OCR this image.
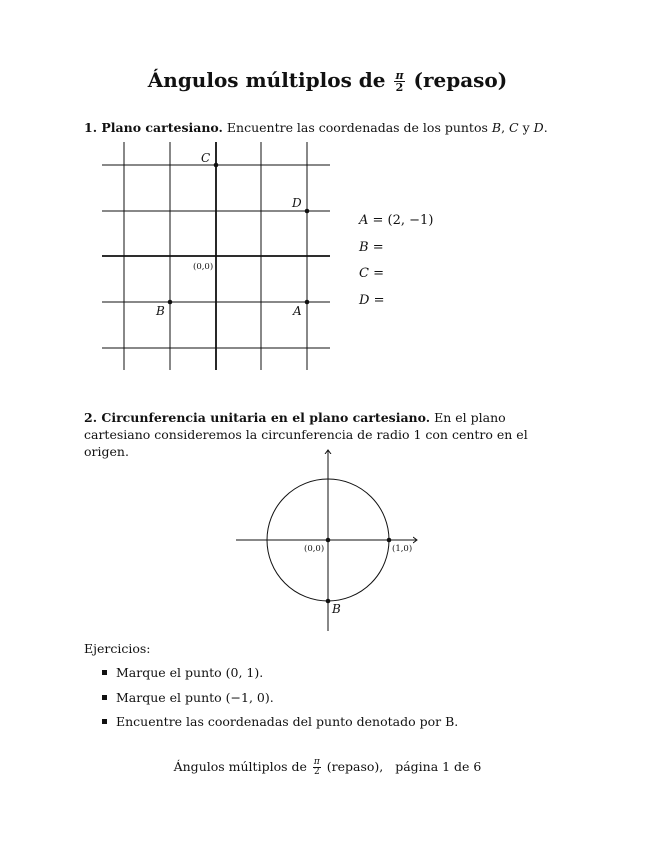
Ángulos múltiplos de $\frac{\pi}{2}$ (repaso)
1. Plano cartesiano. Encuentre las coordenadas de los puntos B, C y D.
(0,0)
C
D
B	A
A = (2, −1)
B =
C =
D =
2. Circunferencia unitaria en el plano cartesiano. En el plano cartesiano consideremos la circunferencia de radio 1 con centro en el origen.
(0,0)	(1,0)
B
Ejercicios:
Marque el punto (0, 1).
Marque el punto (−1, 0).
Encuentre las coordenadas del punto denotado por B.
Ángulos múltiplos de $\frac{\pi}{2}$ (repaso), página 1 de 6
